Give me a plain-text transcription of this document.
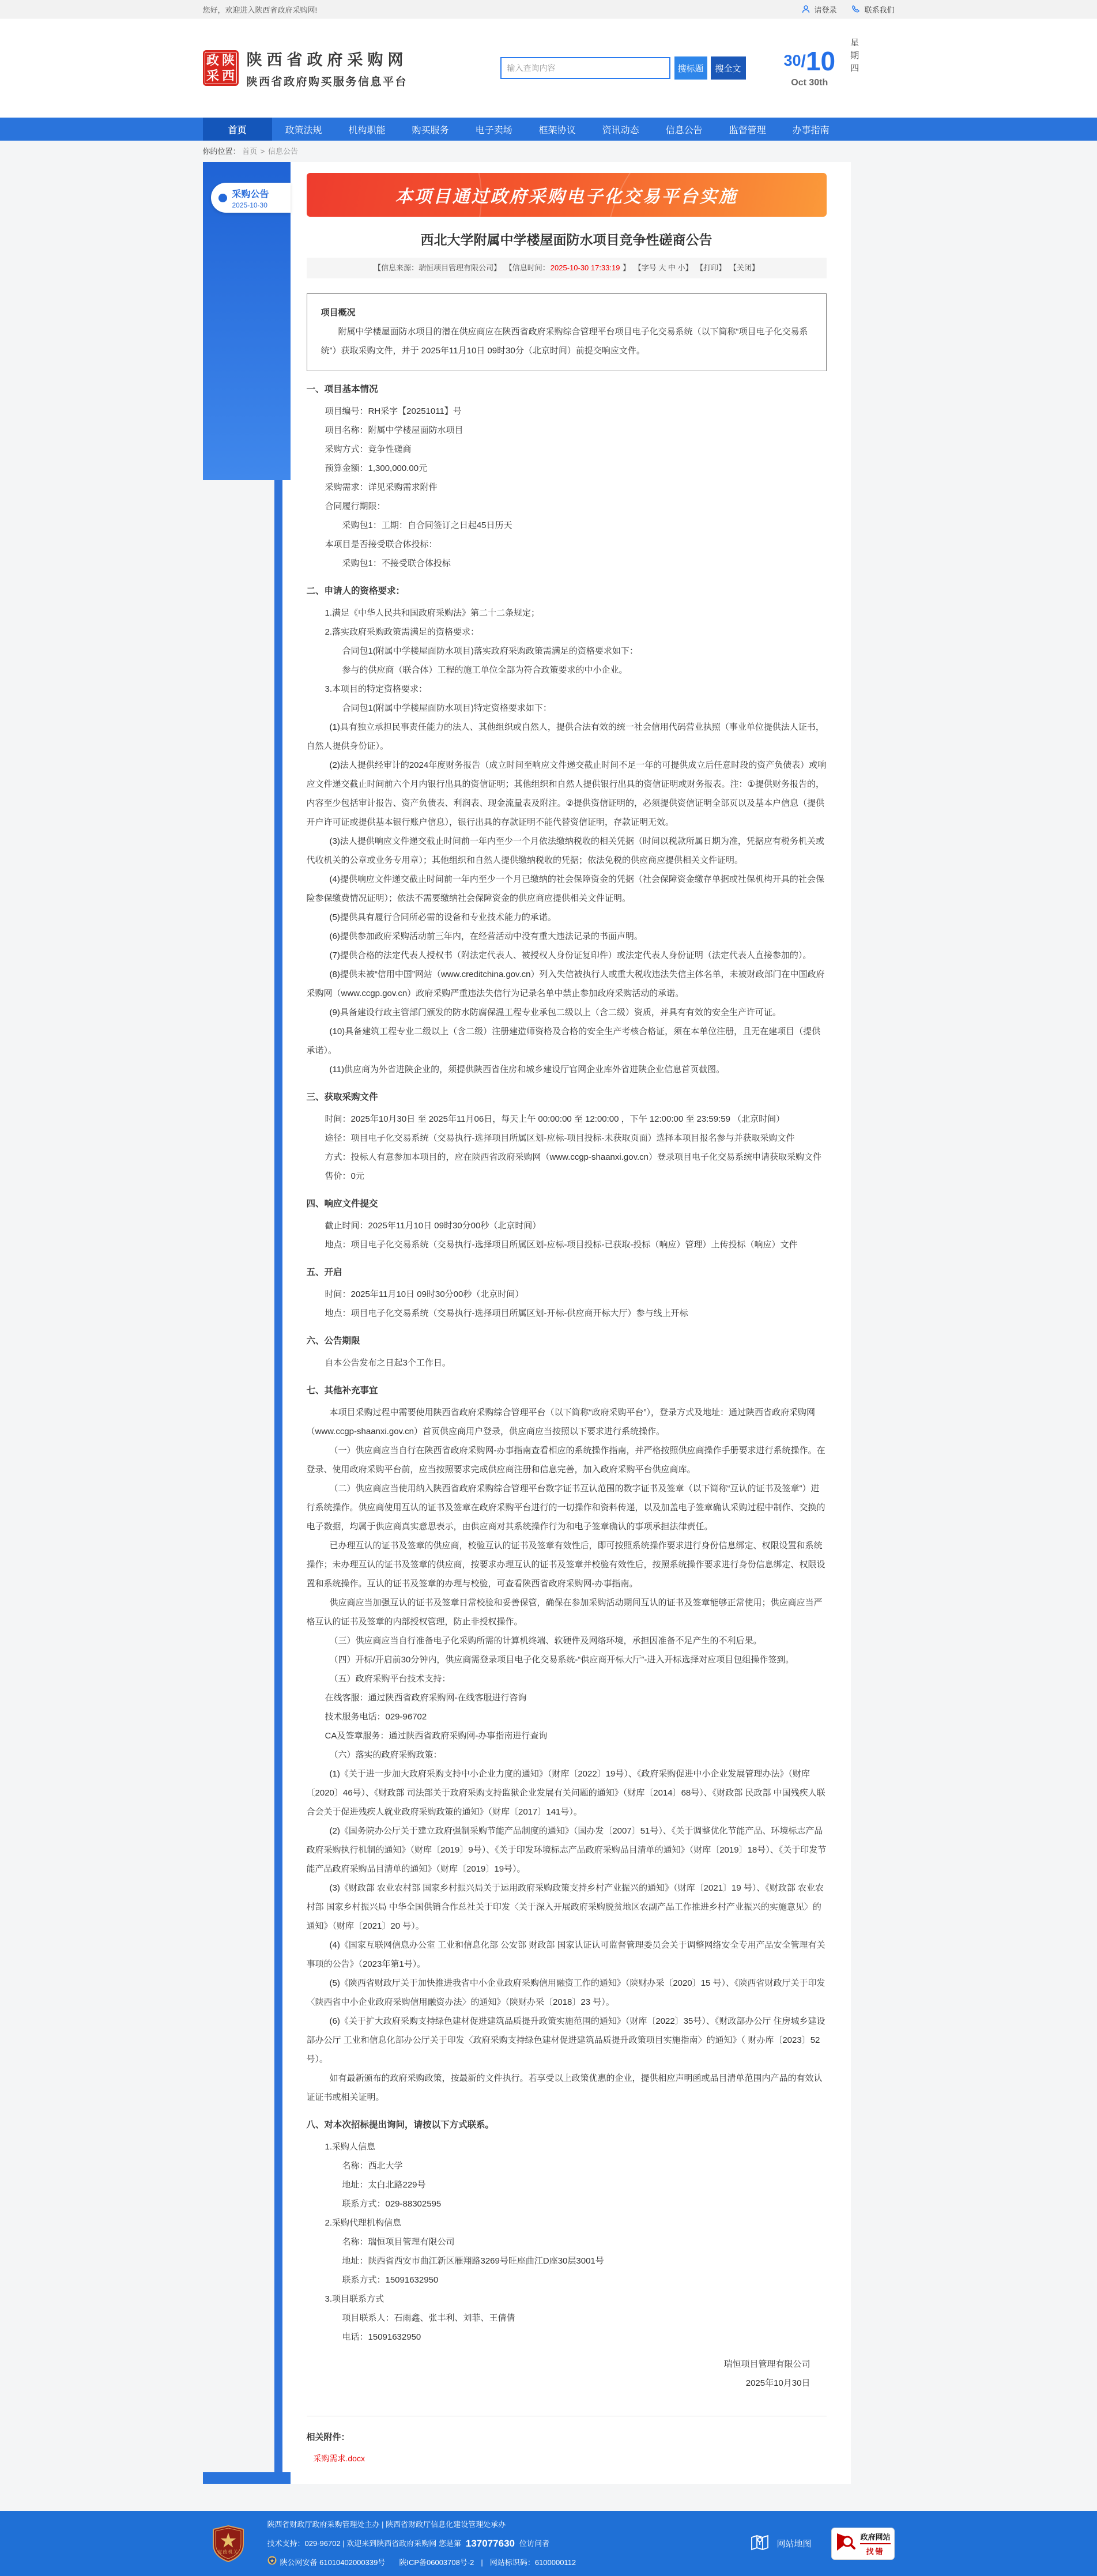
您好，欢迎进入陕西省政府采购网!	请登录	联系我们
政 陕
采 西
陕西省政府采购网
陕西省政府购买服务信息平台
输入查询内容
搜标题	搜全文	30/10
Oct 30th
星期四
首页	政策法规	机构职能	购买服务	电子卖场	框架协议	资讯动态	信息公告	监督管理	办事指南
你的位置： 首页 > 信息公告
采购公告
2025-10-30	本项目通过政府采购电子化交易平台实施
西北大学附属中学楼屋面防水项目竞争性磋商公告
【信息来源：瑞恒项目管理有限公司】 【信息时间：2025-10-30 17:33:19 】 【字号 大 中 小】 【打印】 【关闭】
项目概况

附属中学楼屋面防水项目的潜在供应商应在陕西省政府采购综合管理平台项目电子化交易系统（以下简称“项目电子化交易系统”）获取采购文件，并于 2025年11月10日 09时30分（北京时间）前提交响应文件。

一、项目基本情况

项目编号：RH采字【20251011】号

项目名称：附属中学楼屋面防水项目

采购方式：竞争性磋商

预算金额：1,300,000.00元

采购需求：详见采购需求附件

合同履行期限：

采购包1：工期：自合同签订之日起45日历天

本项目是否接受联合体投标：

采购包1：不接受联合体投标

二、申请人的资格要求：

1.满足《中华人民共和国政府采购法》第二十二条规定；

2.落实政府采购政策需满足的资格要求：

合同包1(附属中学楼屋面防水项目)落实政府采购政策需满足的资格要求如下：

参与的供应商（联合体）工程的施工单位全部为符合政策要求的中小企业。

3.本项目的特定资格要求：

合同包1(附属中学楼屋面防水项目)特定资格要求如下：

(1)具有独立承担民事责任能力的法人、其他组织或自然人，提供合法有效的统一社会信用代码营业执照（事业单位提供法人证书，自然人提供身份证）。

(2)法人提供经审计的2024年度财务报告（成立时间至响应文件递交截止时间不足一年的可提供成立后任意时段的资产负债表）或响应文件递交截止时间前六个月内银行出具的资信证明；其他组织和自然人提供银行出具的资信证明或财务报表。注：①提供财务报告的，内容至少包括审计报告、资产负债表、利润表、现金流量表及附注。②提供资信证明的，必须提供资信证明全部页以及基本户信息（提供开户许可证或提供基本银行账户信息），银行出具的存款证明不能代替资信证明，存款证明无效。

(3)法人提供响应文件递交截止时间前一年内至少一个月依法缴纳税收的相关凭据（时间以税款所属日期为准，凭据应有税务机关或代收机关的公章或业务专用章）；其他组织和自然人提供缴纳税收的凭据；依法免税的供应商应提供相关文件证明。

(4)提供响应文件递交截止时间前一年内至少一个月已缴纳的社会保障资金的凭据（社会保障资金缴存单据或社保机构开具的社会保险参保缴费情况证明）；依法不需要缴纳社会保障资金的供应商应提供相关文件证明。

(5)提供具有履行合同所必需的设备和专业技术能力的承诺。

(6)提供参加政府采购活动前三年内，在经营活动中没有重大违法记录的书面声明。

(7)提供合格的法定代表人授权书（附法定代表人、被授权人身份证复印件）或法定代表人身份证明（法定代表人直接参加的）。

(8)提供未被“信用中国”网站（www.creditchina.gov.cn）列入失信被执行人或重大税收违法失信主体名单，未被财政部门在中国政府采购网（www.ccgp.gov.cn）政府采购严重违法失信行为记录名单中禁止参加政府采购活动的承诺。

(9)具备建设行政主管部门颁发的防水防腐保温工程专业承包二级以上（含二级）资质，并具有有效的安全生产许可证。

(10)具备建筑工程专业二级以上（含二级）注册建造师资格及合格的安全生产考核合格证，须在本单位注册，且无在建项目（提供承诺）。

(11)供应商为外省进陕企业的，须提供陕西省住房和城乡建设厅官网企业库外省进陕企业信息首页截图。

三、获取采购文件

时间：2025年10月30日 至 2025年11月06日，每天上午 00:00:00 至 12:00:00 ，下午 12:00:00 至 23:59:59 （北京时间）

途径：项目电子化交易系统（交易执行-选择项目所属区划-应标-项目投标-未获取页面）选择本项目报名参与并获取采购文件

方式：投标人有意参加本项目的，应在陕西省政府采购网（www.ccgp-shaanxi.gov.cn）登录项目电子化交易系统申请获取采购文件

售价：0元

四、响应文件提交

截止时间：2025年11月10日 09时30分00秒（北京时间）

地点：项目电子化交易系统（交易执行-选择项目所属区划-应标-项目投标-已获取-投标（响应）管理）上传投标（响应）文件

五、开启

时间：2025年11月10日 09时30分00秒（北京时间）

地点：项目电子化交易系统（交易执行-选择项目所属区划-开标-供应商开标大厅）参与线上开标

六、公告期限

自本公告发布之日起3个工作日。

七、其他补充事宜

本项目采购过程中需要使用陕西省政府采购综合管理平台（以下简称“政府采购平台”），登录方式及地址：通过陕西省政府采购网（www.ccgp-shaanxi.gov.cn）首页供应商用户登录，供应商应当按照以下要求进行系统操作。

（一）供应商应当自行在陕西省政府采购网-办事指南查看相应的系统操作指南，并严格按照供应商操作手册要求进行系统操作。在登录、使用政府采购平台前，应当按照要求完成供应商注册和信息完善，加入政府采购平台供应商库。

（二）供应商应当使用纳入陕西省政府采购综合管理平台数字证书互认范围的数字证书及签章（以下简称“互认的证书及签章”）进行系统操作。供应商使用互认的证书及签章在政府采购平台进行的一切操作和资料传递，以及加盖电子签章确认采购过程中制作、交换的电子数据，均属于供应商真实意思表示，由供应商对其系统操作行为和电子签章确认的事项承担法律责任。

已办理互认的证书及签章的供应商，校验互认的证书及签章有效性后，即可按照系统操作要求进行身份信息绑定、权限设置和系统操作；未办理互认的证书及签章的供应商，按要求办理互认的证书及签章并校验有效性后，按照系统操作要求进行身份信息绑定、权限设置和系统操作。互认的证书及签章的办理与校验，可查看陕西省政府采购网-办事指南。

供应商应当加强互认的证书及签章日常校验和妥善保管，确保在参加采购活动期间互认的证书及签章能够正常使用；供应商应当严格互认的证书及签章的内部授权管理，防止非授权操作。

（三）供应商应当自行准备电子化采购所需的计算机终端、软硬件及网络环境，承担因准备不足产生的不利后果。

（四）开标/开启前30分钟内，供应商需登录项目电子化交易系统-“供应商开标大厅”-进入开标选择对应项目包组操作签到。

（五）政府采购平台技术支持：

在线客服：通过陕西省政府采购网-在线客服进行咨询

技术服务电话：029-96702

CA及签章服务：通过陕西省政府采购网-办事指南进行查询

（六）落实的政府采购政策：

(1)《关于进一步加大政府采购支持中小企业力度的通知》（财库〔2022〕19号）、《政府采购促进中小企业发展管理办法》（财库〔2020〕46号）、《财政部 司法部关于政府采购支持监狱企业发展有关问题的通知》（财库〔2014〕68号）、《财政部 民政部 中国残疾人联合会关于促进残疾人就业政府采购政策的通知》（财库〔2017〕141号）。

(2)《国务院办公厅关于建立政府强制采购节能产品制度的通知》（国办发〔2007〕51号）、《关于调整优化节能产品、环境标志产品政府采购执行机制的通知》（财库〔2019〕9号）、《关于印发环境标志产品政府采购品目清单的通知》（财库〔2019〕18号）、《关于印发节能产品政府采购品目清单的通知》（财库〔2019〕19号）。

(3)《财政部 农业农村部 国家乡村振兴局关于运用政府采购政策支持乡村产业振兴的通知》（财库〔2021〕19 号）、《财政部 农业农村部 国家乡村振兴局 中华全国供销合作总社关于印发〈关于深入开展政府采购脱贫地区农副产品工作推进乡村产业振兴的实施意见〉的通知》（财库〔2021〕20 号）。

(4)《国家互联网信息办公室 工业和信息化部 公安部 财政部 国家认证认可监督管理委员会关于调整网络安全专用产品安全管理有关事项的公告》（2023年第1号）。

(5)《陕西省财政厅关于加快推进我省中小企业政府采购信用融资工作的通知》（陕财办采〔2020〕15 号）、《陕西省财政厅关于印发〈陕西省中小企业政府采购信用融资办法〉的通知》（陕财办采〔2018〕23 号）。

(6)《关于扩大政府采购支持绿色建材促进建筑品质提升政策实施范围的通知》（财库〔2022〕35号）、《财政部办公厅 住房城乡建设部办公厅 工业和信息化部办公厅关于印发〈政府采购支持绿色建材促进建筑品质提升政策项目实施指南〉的通知》（ 财办库〔2023〕52号）。

如有最新颁布的政府采购政策，按最新的文件执行。若享受以上政策优惠的企业，提供相应声明函或品目清单范围内产品的有效认证证书或相关证明。

八、对本次招标提出询问，请按以下方式联系。

1.采购人信息

名称：西北大学

地址：太白北路229号

联系方式：029-88302595

2.采购代理机构信息

名称：瑞恒项目管理有限公司

地址：陕西省西安市曲江新区雁翔路3269号旺座曲江D座30层3001号

联系方式：15091632950

3.项目联系方式

项目联系人：石雨鑫、张丰利、刘菲、王倩倩

电话：15091632950

瑞恒项目管理有限公司
2025年10月30日
相关附件：
采购需求.docx
党政机关
陕西省财政厅政府采购管理处主办 | 陕西省财政厅信息化建设管理处承办
技术支持：029-96702 | 欢迎来到陕西省政府采购网 您是第 137077630 位访问者
陕公网安备 61010402000339号 陕ICP备06003708号-2 | 网站标识码：6100000112
网站地图
政府网站
找错
